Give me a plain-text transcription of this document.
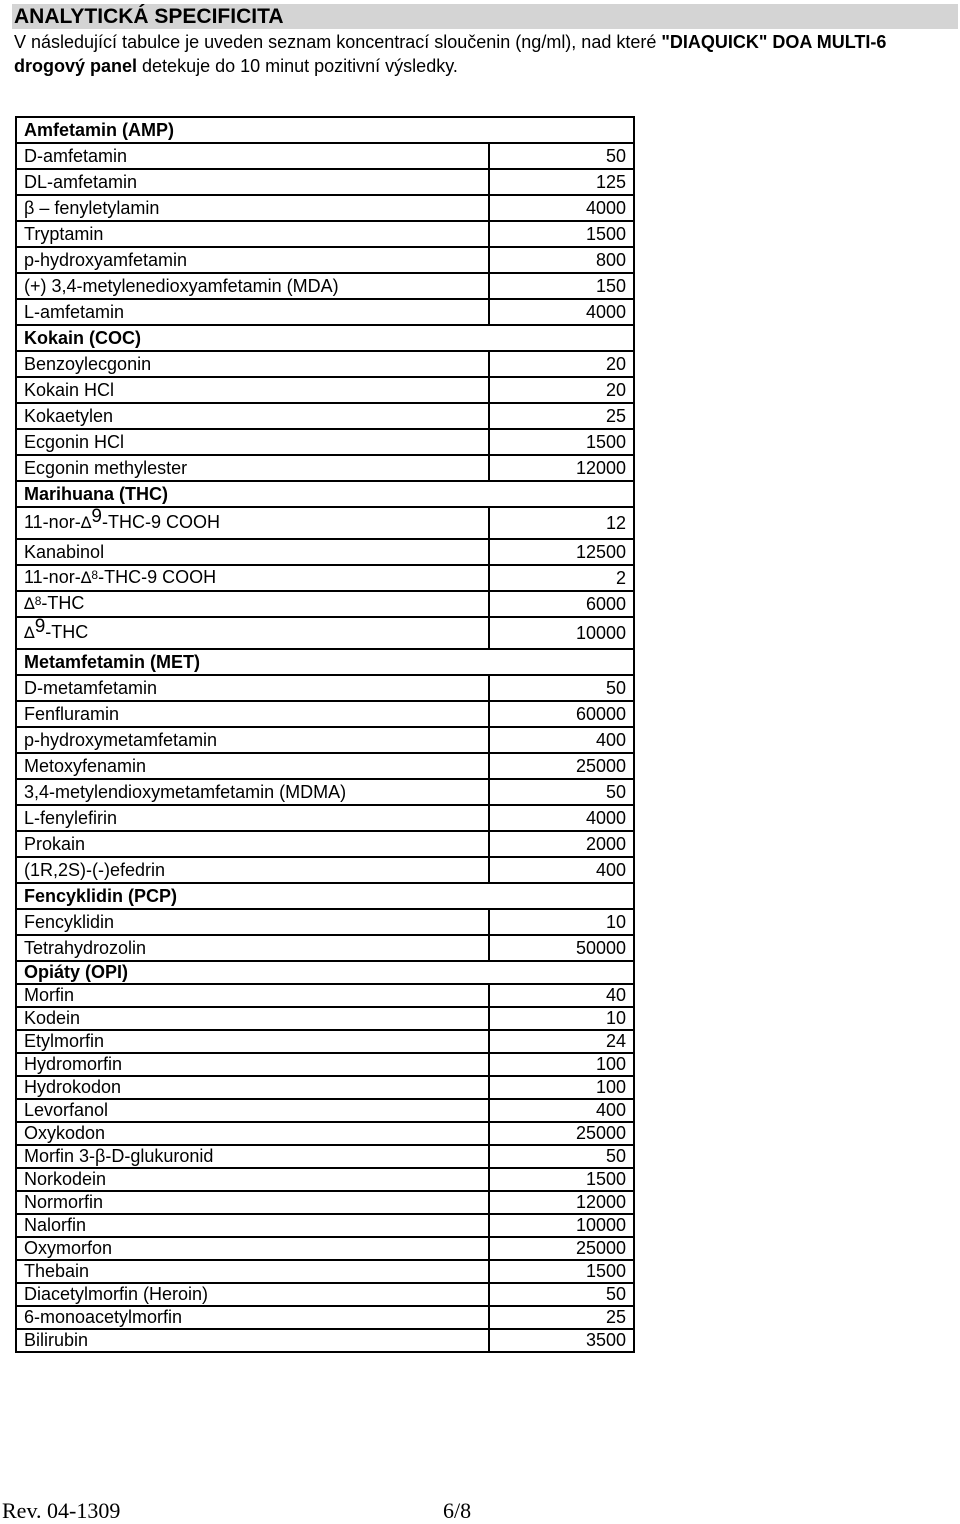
ANALYTICKÁ SPECIFICITA
V následující tabulce je uveden seznam koncentrací sloučenin (ng/ml), nad které "DIAQUICK" DOA MULTI-6 drogový panel detekuje do 10 minut pozitivní výsledky.
Amfetamin (AMP)	
D-amfetamin	50
DL-amfetamin	125
β – fenyletylamin	4000
Tryptamin	1500
p-hydroxyamfetamin	800
(+) 3,4-metylenedioxyamfetamin (MDA)	150
L-amfetamin	4000
Kokain (COC)	
Benzoylecgonin	20
Kokain HCl	20
Kokaetylen	25
Ecgonin HCl	1500
Ecgonin methylester	12000
Marihuana (THC)	
11-nor-∆9-THC-9 COOH	12
Kanabinol	12500
11-nor-∆$^8$-THC-9 COOH	2
∆$^8$-THC	6000
∆9-THC	10000
Metamfetamin (MET)	
D-metamfetamin	50
Fenfluramin	60000
p-hydroxymetamfetamin	400
Metoxyfenamin	25000
3,4-metylendioxymetamfetamin (MDMA)	50
L-fenylefirin	4000
Prokain	2000
(1R,2S)-(-)efedrin	400
Fencyklidin (PCP)	
Fencyklidin	10
Tetrahydrozolin	50000
Opiáty (OPI)	
Morfin	40
Kodein	10
Etylmorfin	24
Hydromorfin	100
Hydrokodon	100
Levorfanol	400
Oxykodon	25000
Morfin 3-β-D-glukuronid	50
Norkodein	1500
Normorfin	12000
Nalorfin	10000
Oxymorfon	25000
Thebain	1500
Diacetylmorfin (Heroin)	50
6-monoacetylmorfin	25
Bilirubin	3500
Rev. 04-1309	6/8
